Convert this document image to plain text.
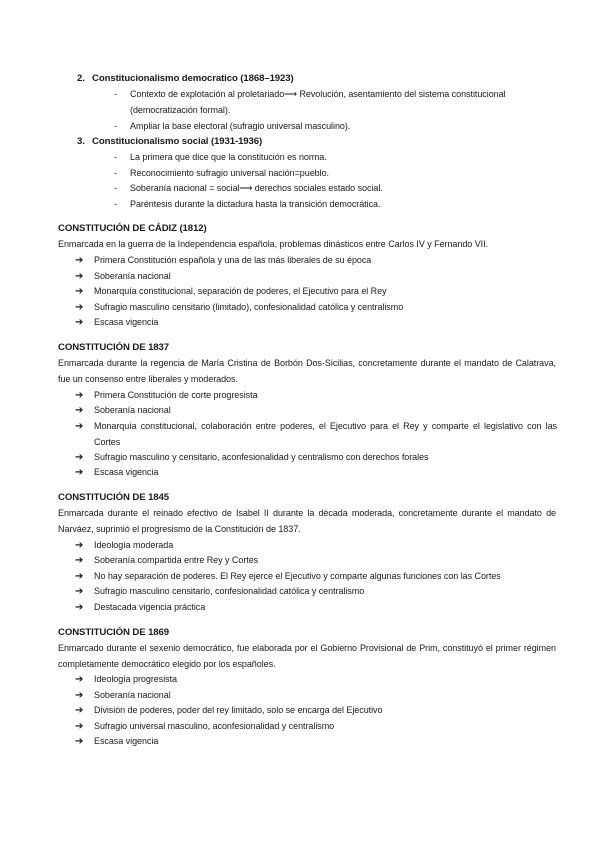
2. Constitucionalismo democratico (1868–1923)
- Contexto de explotación al proletariado⟶ Revolución, asentamiento del sistema constitucional (democratización formal).
- Ampliar la base electoral (sufragio universal masculino).
3. Constitucionalismo social (1931-1936)
- La primera que dice que la constitución es norma.
- Reconocimiento sufragio universal nación=pueblo.
- Soberanía nacional = social⟶ derechos sociales estado social.
- Paréntesis durante la dictadura hasta la transición democrática.
CONSTITUCIÓN DE CÁDIZ (1812)
Enmarcada en la guerra de la Independencia española, problemas dinásticos entre Carlos IV y Fernando VII.
➔ Primera Constitución española y una de las más liberales de su época
➔ Soberanía nacional
➔ Monarquía constitucional, separación de poderes, el Ejecutivo para el Rey
➔ Sufragio masculino censitario (limitado), confesionalidad católica y centralismo
➔ Escasa vigencia
CONSTITUCIÓN DE 1837
Enmarcada durante la regencia de María Cristina de Borbón Dos-Sicilias, concretamente durante el mandato de Calatrava, fue un consenso entre liberales y moderados.
➔ Primera Constitución de corte progresista
➔ Soberanía nacional
➔ Monarquía constitucional, colaboración entre poderes, el Ejecutivo para el Rey y comparte el legislativo con las Cortes
➔ Sufragio masculino y censitario, aconfesionalidad y centralismo con derechos forales
➔ Escasa vigencia
CONSTITUCIÓN DE 1845
Enmarcada durante el reinado efectivo de Isabel II durante la década moderada, concretamente durante el mandato de Narváez, suprimió el progresismo de la Constitución de 1837.
➔ Ideología moderada
➔ Soberanía compartida entre Rey y Cortes
➔ No hay separación de poderes. El Rey ejerce el Ejecutivo y comparte algunas funciones con las Cortes
➔ Sufragio masculino censitario, confesionalidad católica y centralismo
➔ Destacada vigencia práctica
CONSTITUCIÓN DE 1869
Enmarcado durante el sexenio democrático, fue elaborada por el Gobierno Provisional de Prim, constituyó el primer régimen completamente democrático elegido por los españoles.
➔ Ideología progresista
➔ Soberanía nacional
➔ División de poderes, poder del rey limitado, solo se encarga del Ejecutivo
➔ Sufragio universal masculino, aconfesionalidad y centralismo
➔ Escasa vigencia
